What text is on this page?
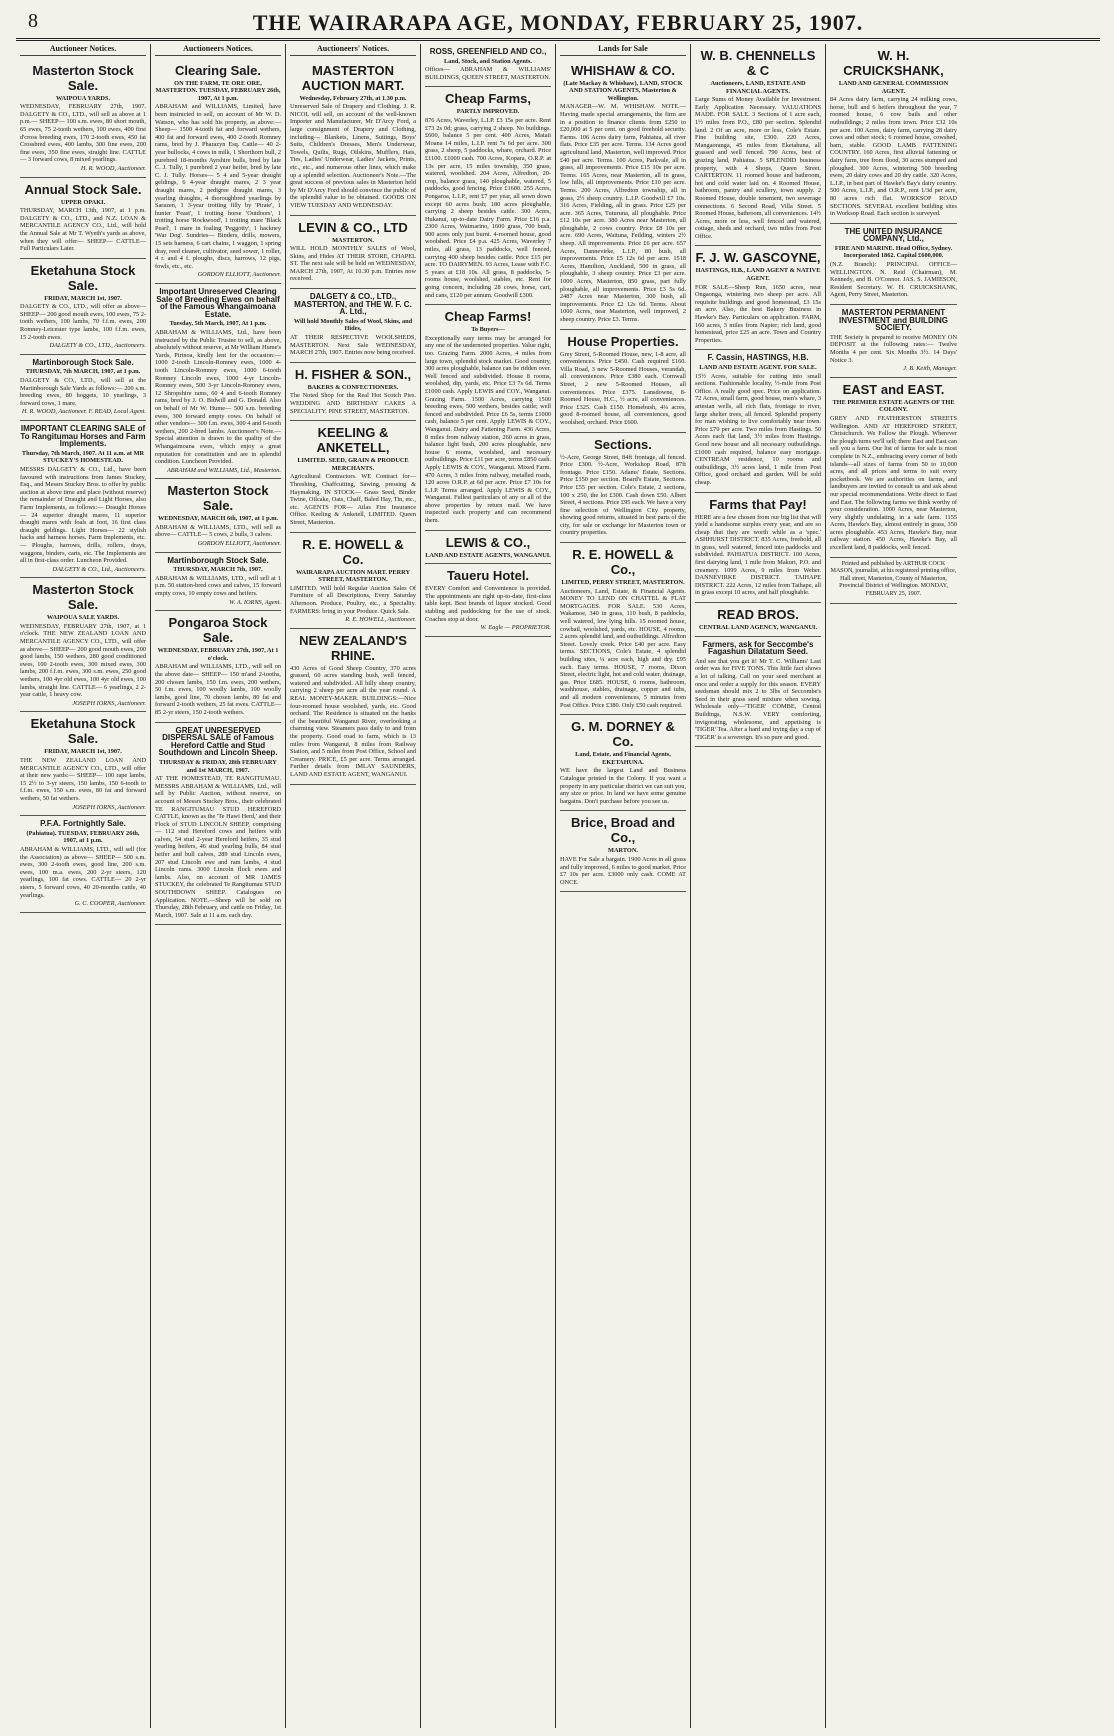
8	THE WAIRARAPA AGE, MONDAY, FEBRUARY 25, 1907.
Auctioneer Notices.
Masterton Stock Sale.
WAIPOUA YARDS.

WEDNESDAY, FEBRUARY 27th, 1907. DALGETY & CO., LTD., will sell as above at 1 p.m.— SHEEP— 100 s.m. ewes, 80 short mouth, 65 ewes, 75 2-tooth wethers, 100 ewes, 400 first d'cross breeding ewes, 170 2-tooth ewes, 450 fat Crossbred ewes, 400 lambs, 300 fine ewes, 200 fine ewes, 350 fine ewes, straight line. CATTLE— 3 forward cows, 8 mixed yearlings.

H. R. WOOD, Auctioneer.
Annual Stock Sale.
UPPER OPAKI.

THURSDAY, MARCH 13th, 1907, at 1 p.m. DALGETY & CO., LTD., and N.Z. LOAN & MERCANTILE AGENCY CO., Ltd., will hold the Annual Sale at Mr T. Wyeth's yards as above, when they will offer— SHEEP— CATTLE— Full Particulars Later.

Eketahuna Stock Sale.
FRIDAY, MARCH 1st, 1907.

DALGETY & CO., LTD., will offer as above— SHEEP— 200 good mouth ewes, 100 ewes, 75 2-tooth wethers, 100 lambs, 70 f.f.m. ewes, 200 Romney-Leicester type lambs, 100 f.f.m. ewes, 15 2-tooth ewes.

DALGETY & CO., LTD., Auctioneers.
Martinborough Stock Sale.
THURSDAY, 7th MARCH, 1907, at 1 p.m.

DALGETY & CO., LTD., will sell at the Martinborough Sale Yards as follows:— 200 s.m. breeding ewes, 80 hoggets, 10 yearlings, 3 forward cows, 1 mare.

H. R. WOOD, Auctioneer. F. READ, Local Agent.
IMPORTANT CLEARING SALE of To Rangitumau Horses and Farm Implements.
Thursday, 7th March, 1907. At 11 a.m. at MR STUCKEY'S HOMESTEAD.

MESSRS DALGETY & CO., Ltd., have been favoured with instructions from James Stuckey, Esq., and Messrs Stuckey Bros. to offer by public auction at above time and place (without reserve) the remainder of Draught and Light Horses, also Farm Implements, as follows:— Draught Horses — 24 superior draught mares, 11 superior draught mares with foals at foot, 16 first class draught geldings. Light Horses— 22 stylish hacks and harness horses. Farm Implements, etc.— Ploughs, harrows, drills, rollers, drays, waggons, binders, carts, etc. The Implements are all in first-class order. Luncheon Provided.

DALGETY & CO., Ltd., Auctioneers.
Masterton Stock Sale.
WAIPOUA SALE YARDS.

WEDNESDAY, FEBRUARY 27th, 1907, at 1 o'clock. THE NEW ZEALAND LOAN AND MERCANTILE AGENCY CO., LTD., will offer as above— SHEEP— 200 good mouth ewes, 200 good lambs, 150 wethers, 280 good conditioned ewes, 100 2-tooth ewes, 300 mixed ewes, 300 lambs, 200 f.f.m. ewes, 300 s.m. ewes, 250 good wethers, 100 4yr old ewes, 100 4yr old ewes, 100 lambs, straight line. CATTLE— 6 yearlings, 2 2-year cattle, 1 heavy cow.

JOSEPH IORNS, Auctioneer.
Eketahuna Stock Sale.
FRIDAY, MARCH 1st, 1907.

THE NEW ZEALAND LOAN AND MERCANTILE AGENCY CO., LTD., will offer at their new yards:— SHEEP— 100 rape lambs, 15 2½ to 3-yr steers, 150 lambs, 150 6-tooth to f.f.m. ewes, 150 s.m. ewes, 80 fat and forward wethers, 50 fat wethers.

JOSEPH IORNS, Auctioneer.
P.F.A. Fortnightly Sale.
(Pahiatua). TUESDAY, FEBRUARY 26th, 1907, at 1 p.m.

ABRAHAM & WILLIAMS, LTD., will sell (for the Association) as above— SHEEP— 500 s.m. ewes, 300 2-tooth ewes, good line, 200 s.m. ewes, 100 m.a. ewes, 200 2-yr steers, 120 yearlings, 100 fat cows. CATTLE— 20 2-yr steers, 5 forward cows, 40 20-months cattle, 40 yearlings.

G. C. COOPER, Auctioneer.
Auctioneers Notices.
Clearing Sale.
ON THE FARM, TE ORE ORE, MASTERTON. TUESDAY, FEBRUARY 26th, 1907, At 1 p.m.

ABRAHAM and WILLIAMS, Limited, have been instructed to sell, on account of Mr W. D. Watson, who has sold his property, as above:— Sheep— 1500 4-tooth fat and forward wethers, 400 fat and forward ewes, 400 2-tooth Romney rams, bred by J. Pharazyn Esq. Cattle— 40 2-year bullocks, 4 cows in milk, 1 Shorthorn bull, 2 purebred 18-months Ayrshire bulls, bred by late C. J. Tully, 1 purebred 2 year heifer, bred by late C. J. Tully. Horses— 5 4 and 5-year draught geldings, 6 4-year draught mares, 2 3 year draught mares, 2 pedigree draught mares, 3 yearling draughts, 4 thoroughbred yearlings by Sarazen, 1 3-year trotting filly by 'Pirate', 1 hunter 'Feast', 1 trotting horse 'Outdoors', 1 trotting horse 'Rockwood', 1 trotting mare 'Black Pearl', 1 mare in foaling 'Peggotty', 1 hackney 'War Dog'. Sundries— Binders, drills, mowers, 15 sets harness, 6 cart chains, 1 waggon, 1 spring dray, reed cleaner, cultivator, seed sower, 1 roller, 4 r. and 4 f. ploughs, discs, harrows, 12 pigs, fowls, etc., etc.

GORDON ELLIOTT, Auctioneer.
Important Unreserved Clearing Sale of Breeding Ewes on behalf of the Famous Whangaimoana Estate.
Tuesday, 5th March, 1907, At 1 p.m.

ABRAHAM & WILLIAMS, Ltd., have been instructed by the Public Trustee to sell, as above, absolutely without reserve, at Mr William Hume's Yards, Pirinoa, kindly lent for the occasion:— 1000 2-tooth Lincoln-Romney ewes, 1000 4-tooth Lincoln-Romney ewes, 1000 6-tooth Romney Lincoln ewes, 1000 4-yr Lincoln-Romney ewes, 500 3-yr Lincoln-Romney ewes, 12 Shropshire rams, 60 4 and 6-tooth Romney rams, bred by J. O. Bidwill and G. Donald. Also on behalf of Mr W. Hume— 500 s.m. breeding ewes, 300 forward empty cows. On behalf of other vendors— 300 f.m. ewes, 300 4 and 6-tooth wethers, 200 2-bred lambs. Auctioneer's Note.—Special attention is drawn to the quality of the Whangaimoana ewes, which enjoy a great reputation for constitution and are in splendid condition. Luncheon Provided.

ABRAHAM and WILLIAMS, Ltd., Masterton.
Masterton Stock Sale.
WEDNESDAY, MARCH 6th, 1907, at 1 p.m.

ABRAHAM & WILLIAMS, LTD., will sell as above— CATTLE— 5 cows, 2 bulls, 3 calves.

GORDON ELLIOTT, Auctioneer.
Martinborough Stock Sale.
THURSDAY, MARCH 7th, 1907.

ABRAHAM & WILLIAMS, LTD., will sell at 1 p.m. 50 station-bred cows and calves, 15 forward empty cows, 10 empty cows and heifers.

W. A. IORNS, Agent.
Pongaroa Stock Sale.
WEDNESDAY, FEBRUARY 27th, 1907, At 1 o'clock.

ABRAHAM and WILLIAMS, LTD., will sell on the above date— SHEEP— 150 m'and 2-tooths, 200 chosen lambs, 150 f.m. ewes, 200 wethers, 50 f.m. ewes, 100 woolly lambs, 100 woolly lambs, good line, 70 chosen lambs, 80 fat and forward 2-tooth wethers, 25 fat ewes. CATTLE— 85 2-yr steers, 150 2-tooth wethers.

GREAT UNRESERVED DISPERSAL SALE of Famous Hereford Cattle and Stud Southdown and Lincoln Sheep.
THURSDAY & FRIDAY, 28th FEBRUARY and 1st MARCH, 1907.

AT THE HOMESTEAD, TE RANGITUMAU. MESSRS ABRAHAM & WILLIAMS, Ltd., will sell by Public Auction, without reserve, on account of Messrs Stuckey Bros., their celebrated TE RANGITUMAU STUD HEREFORD CATTLE, known as the 'Te Hawi Herd,' and their Flock of STUD LINCOLN SHEEP, comprising— 112 stud Hereford cows and heifers with calves, 54 stud 2-year Hereford heifers, 35 stud yearling heifers, 46 stud yearling bulls, 84 stud heifer and bull calves, 289 stud Lincoln ewes, 207 stud Lincoln ewe and ram lambs, 4 stud Lincoln rams. 3000 Lincoln flock ewes and lambs. Also, on account of MR JAMES STUCKEY, the celebrated Te Rangitumau STUD SOUTHDOWN SHEEP. Catalogues on Application. NOTE.—Sheep will be sold on Thursday, 28th February, and cattle on Friday, 1st March, 1907. Sale at 11 a.m. each day.

Auctioneers' Notices.
MASTERTON AUCTION MART.
Wednesday, February 27th, at 1.30 p.m.

Unreserved Sale of Drapery and Clothing. J. R. NICOL will sell, on account of the well-known Importer and Manufacturer, Mr D'Arcy Ford, a large consignment of Drapery and Clothing, including— Blankets, Linens, Suitings, Boys' Suits, Children's Dresses, Men's Underwear, Towels, Quilts, Rugs, Oilskins, Mufflers, Hats, Ties, Ladies' Underwear, Ladies' Jackets, Prints, etc., etc., and numerous other lines, which make up a splendid selection. Auctioneer's Note.—The great success of previous sales in Masterton held by Mr D'Arcy Ford should convince the public of the splendid value to be obtained. GOODS ON VIEW TUESDAY AND WEDNESDAY.

LEVIN & CO., LTD
MASTERTON.

WILL HOLD MONTHLY SALES of Wool, Skins, and Hides AT THEIR STORE, CHAPEL ST. The next sale will be held on WEDNESDAY, MARCH 27th, 1907, At 10.30 p.m. Entries now received.

DALGETY & CO., LTD., MASTERTON, and THE W. F. C. A. Ltd.,
Will hold Monthly Sales of Wool, Skins, and Hides,

AT THEIR RESPECTIVE WOOLSHEDS, MASTERTON. Next Sale WEDNESDAY, MARCH 27th, 1907. Entries now being received.

H. FISHER & SON.,
BAKERS & CONFECTIONERS.

The Noted Shop for the Real Hot Scotch Pies. WEDDING AND BIRTHDAY CAKES A SPECIALITY. PINE STREET, MASTERTON.

KEELING & ANKETELL,
LIMITED. SEED, GRAIN & PRODUCE MERCHANTS.

Agricultural Contractors. WE Contract for— Threshing, Chaffcutting, Sawing, pressing & Haymaking. IN STOCK— Grass Seed, Binder Twine, Oilcake, Oats, Chaff, Baled Hay, Tin, etc., etc. AGENTS FOR— Atlas Fire Insurance Office. Keeling & Anketell, LIMITED. Queen Street, Masterton.

R. E. HOWELL & Co.
WAIRARAPA AUCTION MART. PERRY STREET, MASTERTON.

LIMITED. Will hold Regular Auction Sales Of Furniture of all Descriptions, Every Saturday Afternoon. Produce, Poultry, etc., a Speciality. FARMERS: bring in your Produce. Quick Sale.

R. E. HOWELL, Auctioneer.
NEW ZEALAND'S RHINE.

430 Acres of Good Sheep Country, 370 acres grassed, 60 acres standing bush, well fenced, watered and subdivided. All hilly sheep country, carrying 2 sheep per acre all the year round. A REAL MONEY-MAKER. BUILDINGS:—Nice four-roomed house woolshed, yards, etc. Good orchard. The Residence is situated on the banks of the beautiful Wanganui River, overlooking a charming view. Steamers pass daily to and from the property. Good road to farm, which is 13 miles from Wanganui, 8 miles from Railway Station, and 5 miles from Post Office, School and Creamery. PRICE, £5 per acre. Terms arranged. Further details from IMLAY SAUNDERS, LAND AND ESTATE AGENT, WANGANUI.

ROSS, GREENFIELD AND CO.,
Land, Stock, and Station Agents.

Offices— ABRAHAM & WILLIAMS' BUILDINGS, QUEEN STREET, MASTERTON.

Cheap Farms,
PARTLY IMPROVED.

876 Acres, Waverley, L.I.P. £3 15s per acre. Rent £73 2s 0d; grass, carrying 2 sheep. No buildings. £600, balance 5 per cent. 400 Acres, Mataii Moana 14 miles, L.I.P. rent 7s 6d per acre. 300 grass, 2 sheep, 5 paddocks, whare, orchard. Price £1100. £1000 cash. 700 Acres, Kopara, O.R.P. at 13s per acre, 15 miles township, 350 grass, watered, woolshed. 204 Acres, Alfredton, 20-crop, balance grass, 140 ploughable, watered, 5 paddocks, good fencing. Price £1600. 255 Acres, Pongaroa, L.I.P., rent £7 per year, all sown down except 60 acres bush; 180 acres ploughable, carrying 2 sheep besides cattle. 300 Acres, Hukanui, up-to-date Dairy Farm. Price £16 p.a. 2300 Acres, Waimarino, 1600 grass, 700 bush, 900 acres only just burnt. 4-roomed house, good woolshed. Price £4 p.a. 425 Acres, Waverley 7 miles, all grass, 13 paddocks, well fenced, carrying 400 sheep besides cattle. Price £15 per acre. TO DAIRYMEN. 93 Acres, Lease with F.C. 5 years at £18 10s. All grass, 8 paddocks, 5-rooms house, woolshed, stables, etc. Rent for going concern, including 28 cows, horse, cart, and cans, £120 per annum. Goodwill £300.

Cheap Farms!
To Buyers—

Exceptionally easy terms may be arranged for any one of the undernoted properties. Value right, too. Grazing Farm. 2000 Acres, 4 miles from large town, splendid stock market. Good country, 300 acres ploughable, balance can be ridden over. Well fenced and subdivided. House 8 rooms, woolshed, dip, yards, etc. Price £3 7s 6d. Terms £1000 cash. Apply LEWIS and COY., Wanganui. Grazing Farm. 1500 Acres, carrying 1500 breeding ewes, 500 wethers, besides cattle; well fenced and subdivided. Price £6 5s, terms £1000 cash, balance 5 per cent. Apply LEWIS & COY., Wanganui. Dairy and Fattening Farm. 436 Acres, 8 miles from railway station, 260 acres in grass, balance light bush, 200 acres ploughable, new house 6 rooms, woolshed, and necessary outbuildings. Price £11 per acre, terms £850 cash. Apply LEWIS & COY., Wanganui. Mixed Farm. 470 Acres, 3 miles from railway, metalled roads, 120 acres O.R.P. at 6d per acre. Price £7 10s for L.I.P. Terms arranged. Apply LEWIS & COY., Wanganui. Fullest particulars of any or all of the above properties by return mail. We have inspected each property and can recommend them.

LEWIS & CO.,
LAND AND ESTATE AGENTS, WANGANUI.
Taueru Hotel.

EVERY Comfort and Convenience is provided. The appointments are right up-to-date, first-class table kept. Best brands of liquor stocked. Good stabling and paddocking for the use of stock. Coaches stop at door.

W. Eagle — PROPRIETOR.
Lands for Sale
WHISHAW & CO.
(Late Mackay & Whishaw), LAND, STOCK AND STATION AGENTS, Masterton & Wellington.

MANAGER—W. M. WHISHAW. NOTE.—Having made special arrangements, the firm are in a position to finance clients from £250 to £20,000 at 5 per cent. on good freehold security. Farms. 106 Acres dairy farm, Pahiatua, all river flats. Price £35 per acre. Terms. 134 Acres good agricultural land, Masterton, well improved. Price £40 per acre. Terms. 100 Acres, Parkvale, all in grass, all improvements. Price £15 10s per acre. Terms. 165 Acres, near Masterton, all in grass, low hills, all improvements. Price £10 per acre. Terms. 200 Acres, Alfredton township, all in grass, 2½ sheep country. L.I.P. Goodwill £7 10s. 316 Acres, Fielding, all in grass. Price £25 per acre. 365 Acres, Tuturuna, all ploughable. Price £12 10s per acre. 380 Acres near Masterton, all ploughable, 2 cows country. Price £8 10s per acre. 690 Acres, Waituna, Feilding, winters 2½ sheep. All improvements. Price £6 per acre. 657 Acres, Dannevirke, L.I.P., 80 bush, all improvements. Price £5 12s 6d per acre. 1518 Acres, Hamilton, Auckland, 500 in grass, all ploughable, 3 sheep country. Price £3 per acre. 1000 Acres, Masterton, 850 grass, part fully ploughable, all improvements. Price £3 5s 6d. 2487 Acres near Masterton, 300 bush, all improvements. Price £2 12s 6d. Terms. About 1000 Acres, near Masterton, well improved, 2 sheep country. Price £3. Terms.

House Properties.

Grey Street, 5-Roomed House, new, 1-8 acre, all conveniences. Price £450. Cash required £160. Villa Road, 3 new 5-Roomed Houses, verandah, all conveniences. Price £380 each. Cornwall Street, 2 new 5-Roomed Houses, all conveniences. Price £375. Lansdowne, 8-Roomed House, H.C., ½ acre, all conveniences. Price £325. Cash £150. Homebush, 4¼ acres, good 8-roomed house, all conveniences, good woolshed, orchard. Price £600.

Sections.

½-Acre, George Street, 84ft frontage, all fenced. Price £300. ½-Acre, Workshop Road, 87ft frontage. Price £150. Adams' Estate, Sections. Price £150 per section. Board's Estate, Sections. Price £55 per section. Cole's Estate, 2 sections, 100 x 250, the lot £300. Cash down £50. Albert Street, 4 sections. Price £95 each. We have a very fine selection of Wellington City property, showing good returns, situated in best parts of the city, for sale or exchange for Masterton town or country properties.

R. E. HOWELL & Co.,
LIMITED, PERRY STREET, MASTERTON.

Auctioneers, Land, Estate, & Financial Agents. MONEY TO LEND ON CHATTEL & FLAT MORTGAGES. FOR SALE. 530 Acres, Wakamoe, 340 in grass, 110 bush, 8 paddocks, well watered, low lying hills. 15 roomed house, cowbail, woolshed, yards, etc. HOUSE, 4 rooms, 2 acres splendid land, and outbuildings. Alfredton Street. Lovely creek. Price £40 per acre. Easy terms. SECTIONS, Cole's Estate, 4 splendid building sites, ¼ acre each, high and dry. £95 each. Easy terms. HOUSE, 7 rooms, Dixon Street, electric light, hot and cold water, drainage, gas. Price £685. HOUSE, 6 rooms, bathroom, washhouse, stables, drainage, copper and tubs, and all modern conveniences, 5 minutes from Post Office. Price £380. Only £50 cash required.

G. M. DORNEY & Co.
Land, Estate, and Financial Agents, EKETAHUNA.

WE have the largest Land and Business Catalogue printed in the Colony. If you want a property in any particular district we can suit you, any size or price. In land we have some genuine bargains. Don't purchase before you see us.

Brice, Broad and Co.,
MARTON.

HAVE For Sale a bargain. 1900 Acres in all grass and fully improved, 6 miles to good market. Price £7 10s per acre. £3000 only cash. COME AT ONCE.

W. B. CHENNELLS & C
Auctioneers, LAND, ESTATE AND FINANCIAL AGENTS.

Large Sums of Money Available for Investment. Early Application Necessary. VALUATIONS MADE. FOR SALE. 3 Sections of 1 acre each, 1½ miles from P.O., £80 per section. Splendid land. 2 Of an acre, more or less, Cole's Estate. Fine building site, £300. 220 Acres, Mangaoranga, 45 miles from Eketahuna, all grassed and well fenced. 790 Acres, best of grazing land, Pahiatua. 5 SPLENDID business property, with 4 Shops, Queen Street. CARTERTON. 11 roomed house and bathroom, hot and cold water laid on. 4 Roomed House, bathroom, pantry and scullery, town supply. 2 Roomed House, double tenement, two sewerage connections. 6 Second Road, Villa Street. 5 Roomed House, bathroom, all conveniences. 14½ Acres, more or less, well fenced and watered, cottage, sheds and orchard, two miles from Post Office.

F. J. W. GASCOYNE,
HASTINGS, H.B., LAND AGENT & NATIVE AGENT.

FOR SALE—Sheep Run, 1650 acres, near Ongaonga, wintering two sheep per acre. All requisite buildings and good homestead, £3 15s an acre. Also, the best Bakery Business in Hawke's Bay. Particulars on application. FARM, 160 acres, 3 miles from Napier; rich land, good homestead, price £25 an acre. Town and Country Properties.

F. Cassin, HASTINGS, H.B.
LAND AND ESTATE AGENT. FOR SALE.

15½ Acres, suitable for cutting into small sections. Fashionable locality, ½-mile from Post Office. A really good spec. Price on application. 72 Acres, small farm, good house, men's whare, 3 artesian wells, all rich flats, frontage to river, large shelter trees, all fenced. Splendid property for man wishing to live comfortably near town. Price £70 per acre. Two miles from Hastings. 50 Acres each flat land, 3½ miles from Hastings. Good new house and all necessary outbuildings. £1000 cash required, balance easy mortgage. CENTREAM residence, 10 rooms and outbuildings, 3½ acres land, 1 mile from Post Office, good orchard and garden. Will be sold cheap.

Farms that Pay!

HERE are a few chosen from our big list that will yield a handsome surplus every year, and are so cheap that they are worth while as a 'spec.' ASHHURST DISTRICT. 835 Acres, freehold, all in grass, well watered, fenced into paddocks and subdivided. PAHIATUA DISTRICT. 100 Acres, first dairying land, 1 mile from Makuri, P.O. and creamery. 1099 Acres, 9 miles from Weber. DANNEVIRKE DISTRICT. TAIHAPE DISTRICT. 222 Acres, 12 miles from Taihape, all in grass except 10 acres, and half ploughable.

READ BROS.
CENTRAL LAND AGENCY, WANGANUI.
Farmers, ask for Seccombe's Fagashun Dilatatum Seed.

And see that you get it! Mr T. C. Williams' Last order was for FIVE TONS. This little fact shows a lot of talking. Call on your seed merchant at once and order a supply for this season. EVERY seedsman should mix 2 to 3lbs of Seccombe's Seed in their grass seed mixture when sowing. Wholesale only—'TIGER' COMBE, Central Buildings, N.S.W. VERY comforting, invigorating, wholesome, and appetising is 'TIGER' Tea. After a hard and trying day a cup of 'TIGER' is a sovereign. It's so pure and good.

W. H. CRUICKSHANK,
LAND AND GENERAL COMMISSION AGENT.

84 Acres dairy farm, carrying 24 milking cows, horse, bull and 6 heifers throughout the year, 7 roomed house, 6 cow bails and other outbuildings; 2 miles from town. Price £32 10s per acre. 100 Acres, dairy farm, carrying 28 dairy cows and other stock; 6 roomed house, cowshed, barn, stable. GOOD LAMB FATTENING COUNTRY. 160 Acres, first alluvial fattening or dairy farm, tree from flood, 30 acres stumped and ploughed. 300 Acres, wintering 500 breeding ewes, 20 dairy cows and 20 dry cattle. 320 Acres, L.I.P., in best part of Hawke's Bay's dairy country. 500 Acres, L.I.P., and O.R.P., rent 1/3d per acre, 80 acres rich flat. WORKSOP ROAD SECTIONS. SEVERAL excellent building sites in Worksop Road. Each section is surveyed.

THE UNITED INSURANCE COMPANY, Ltd.,
FIRE AND MARINE. Head Office, Sydney. Incorporated 1862. Capital £600,000.

(N.Z. Branch): PRINCIPAL OFFICE—WELLINGTON. N. Reid (Chairman), M. Kennedy, and B. O'Connor. JAS. S. JAMIESON, Resident Secretary. W. H. CRUICKSHANK, Agent, Perry Street, Masterton.

MASTERTON PERMANENT INVESTMENT and BUILDING SOCIETY.

THE Society is prepared to receive MONEY ON DEPOSIT at the following rates:— Twelve Months 4 per cent. Six Months 3½. 14 Days' Notice 3.

J. B. Keith, Manager.
EAST and EAST.
THE PREMIER ESTATE AGENTS OF THE COLONY.

GREY AND FEATHERSTON STREETS Wellington. AND AT HEREFORD STREET, Christchurch. We Follow the Plough. Wherever the plough turns we'll sell; there East and East can sell you a farm. Our list of farms for sale is most complete in N.Z., embracing every corner of both islands—all sizes of farms from 50 to 10,000 acres, and all prices and terms to suit every pocketbook. We are authorities on farms, and landbuyers are invited to consult us and ask about our special recommendations. Write direct to East and East. The following farms we think worthy of your consideration. 1000 Acres, near Masterton, very slightly undulating, in a safe farm. 1155 Acres, Hawke's Bay, almost entirely in grass, 350 acres ploughable. 453 Acres, Hawke's Bay, near railway station. 450 Acres, Hawke's Bay, all excellent land, 8 paddocks, well fenced.

Printed and published by ARTHUR COCK MASON, journalist, at his registered printing office, Hall street, Masterton, County of Masterton, Provincial District of Wellington. MONDAY, FEBRUARY 25, 1907.
